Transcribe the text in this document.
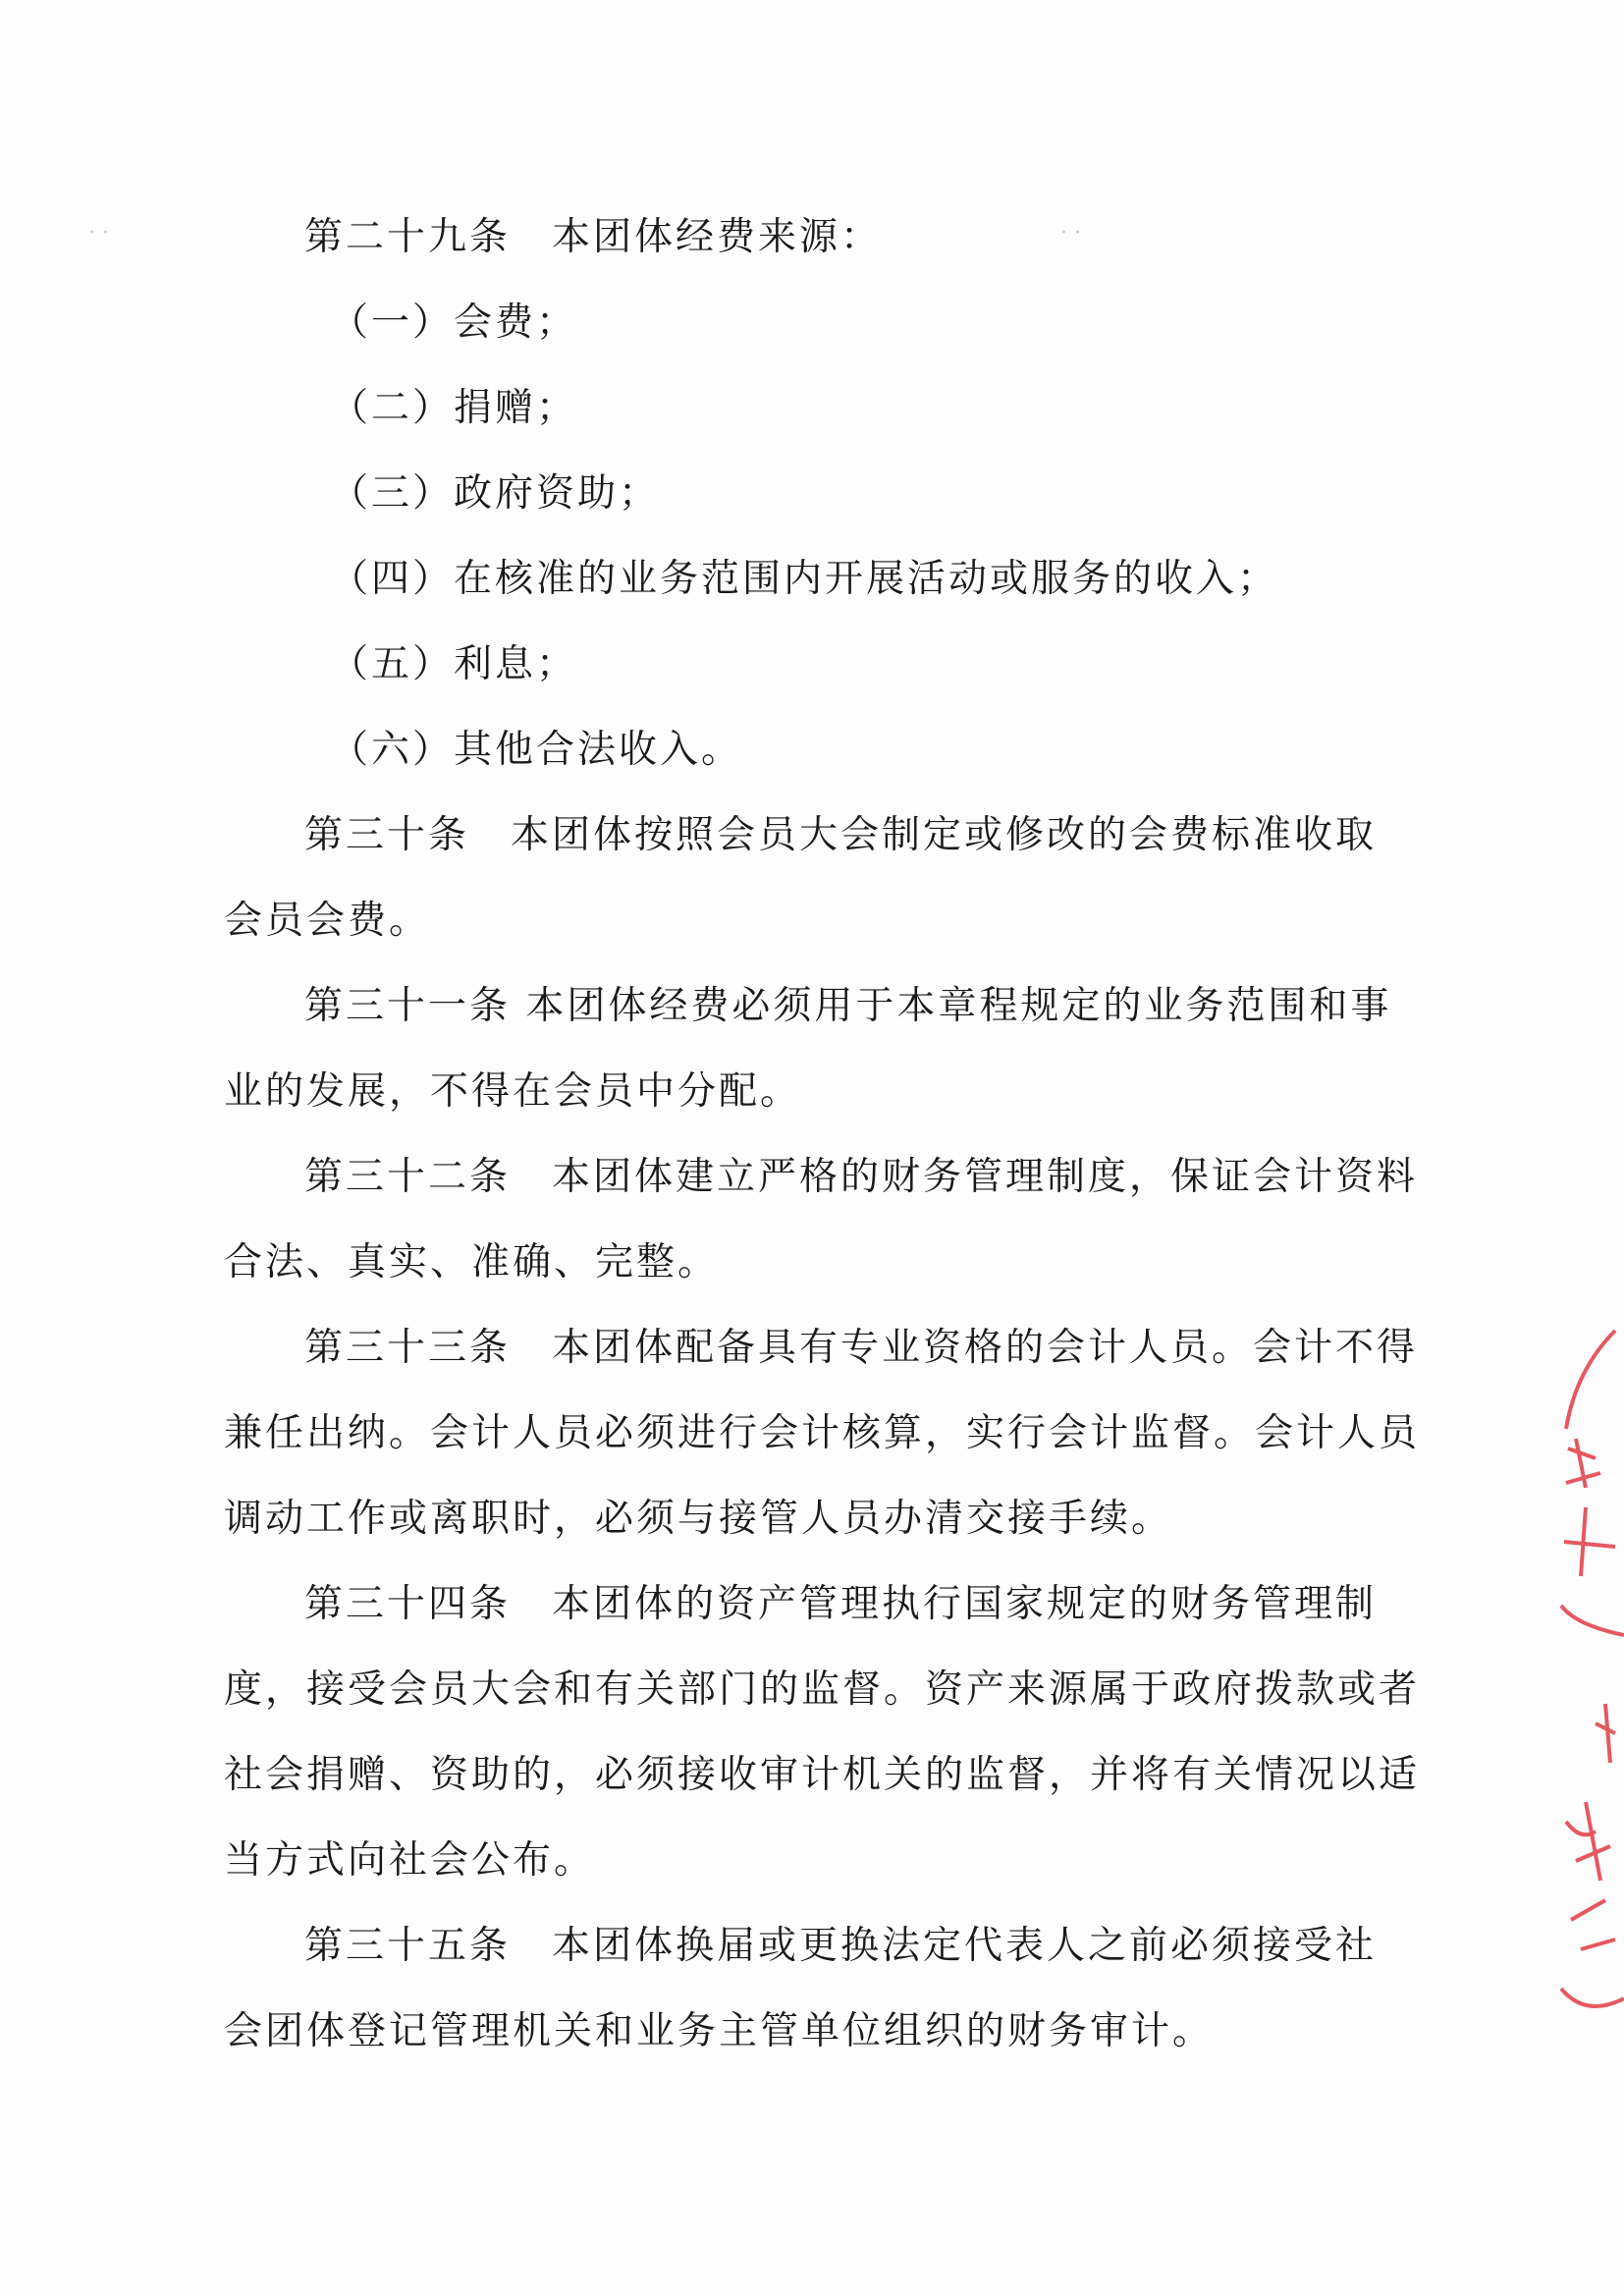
第二十九条　本团体经费来源：

（一）会费；

（二）捐赠；

（三）政府资助；

（四）在核准的业务范围内开展活动或服务的收入；

（五）利息；

（六）其他合法收入。

第三十条　本团体按照会员大会制定或修改的会费标准收取

会员会费。

第三十一条 本团体经费必须用于本章程规定的业务范围和事

业的发展，不得在会员中分配。

第三十二条　本团体建立严格的财务管理制度，保证会计资料

合法、真实、准确、完整。

第三十三条　本团体配备具有专业资格的会计人员。会计不得

兼任出纳。会计人员必须进行会计核算，实行会计监督。会计人员

调动工作或离职时，必须与接管人员办清交接手续。

第三十四条　本团体的资产管理执行国家规定的财务管理制

度，接受会员大会和有关部门的监督。资产来源属于政府拨款或者

社会捐赠、资助的，必须接收审计机关的监督，并将有关情况以适

当方式向社会公布。

第三十五条　本团体换届或更换法定代表人之前必须接受社

会团体登记管理机关和业务主管单位组织的财务审计。

· ·	· ·
